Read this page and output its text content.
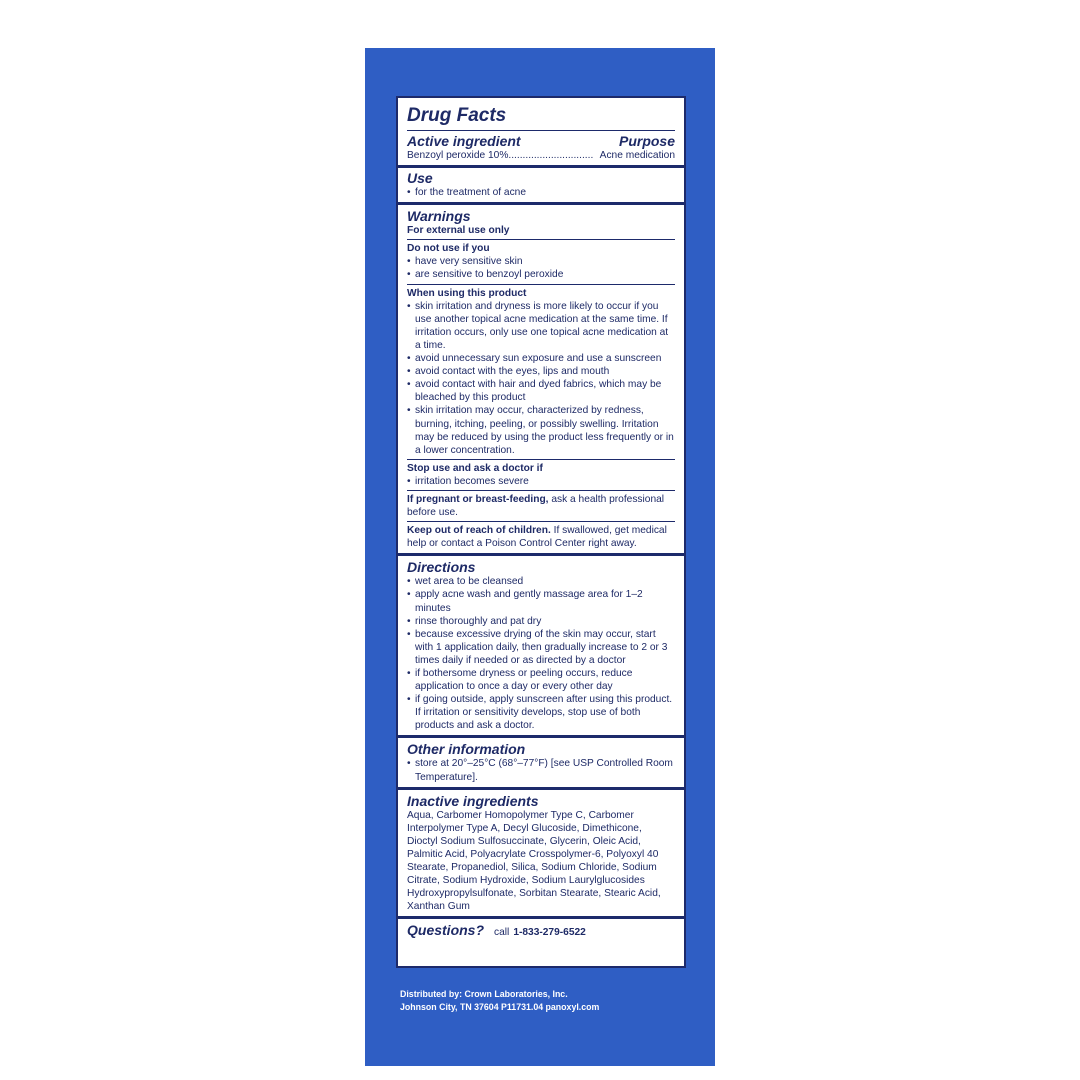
Drug Facts
Active ingredient	Purpose
Benzoyl peroxide 10% .............................. Acne medication
Use
• for the treatment of acne
Warnings
For external use only
Do not use if you
• have very sensitive skin
• are sensitive to benzoyl peroxide
When using this product
• skin irritation and dryness is more likely to occur if you use another topical acne medication at the same time. If irritation occurs, only use one topical acne medication at a time.
• avoid unnecessary sun exposure and use a sunscreen
• avoid contact with the eyes, lips and mouth
• avoid contact with hair and dyed fabrics, which may be bleached by this product
• skin irritation may occur, characterized by redness, burning, itching, peeling, or possibly swelling. Irritation may be reduced by using the product less frequently or in a lower concentration.
Stop use and ask a doctor if
• irritation becomes severe
If pregnant or breast-feeding, ask a health professional before use.
Keep out of reach of children. If swallowed, get medical help or contact a Poison Control Center right away.
Directions
• wet area to be cleansed
• apply acne wash and gently massage area for 1–2 minutes
• rinse thoroughly and pat dry
• because excessive drying of the skin may occur, start with 1 application daily, then gradually increase to 2 or 3 times daily if needed or as directed by a doctor
• if bothersome dryness or peeling occurs, reduce application to once a day or every other day
• if going outside, apply sunscreen after using this product. If irritation or sensitivity develops, stop use of both products and ask a doctor.
Other information
• store at 20°–25°C (68°–77°F) [see USP Controlled Room Temperature].
Inactive ingredients
Aqua, Carbomer Homopolymer Type C, Carbomer Interpolymer Type A, Decyl Glucoside, Dimethicone, Dioctyl Sodium Sulfosuccinate, Glycerin, Oleic Acid, Palmitic Acid, Polyacrylate Crosspolymer-6, Polyoxyl 40 Stearate, Propanediol, Silica, Sodium Chloride, Sodium Citrate, Sodium Hydroxide, Sodium Laurylglucosides Hydroxypropylsulfonate, Sorbitan Stearate, Stearic Acid, Xanthan Gum
Questions? call 1-833-279-6522
Distributed by: Crown Laboratories, Inc.
Johnson City, TN 37604 P11731.04 panoxyl.com
